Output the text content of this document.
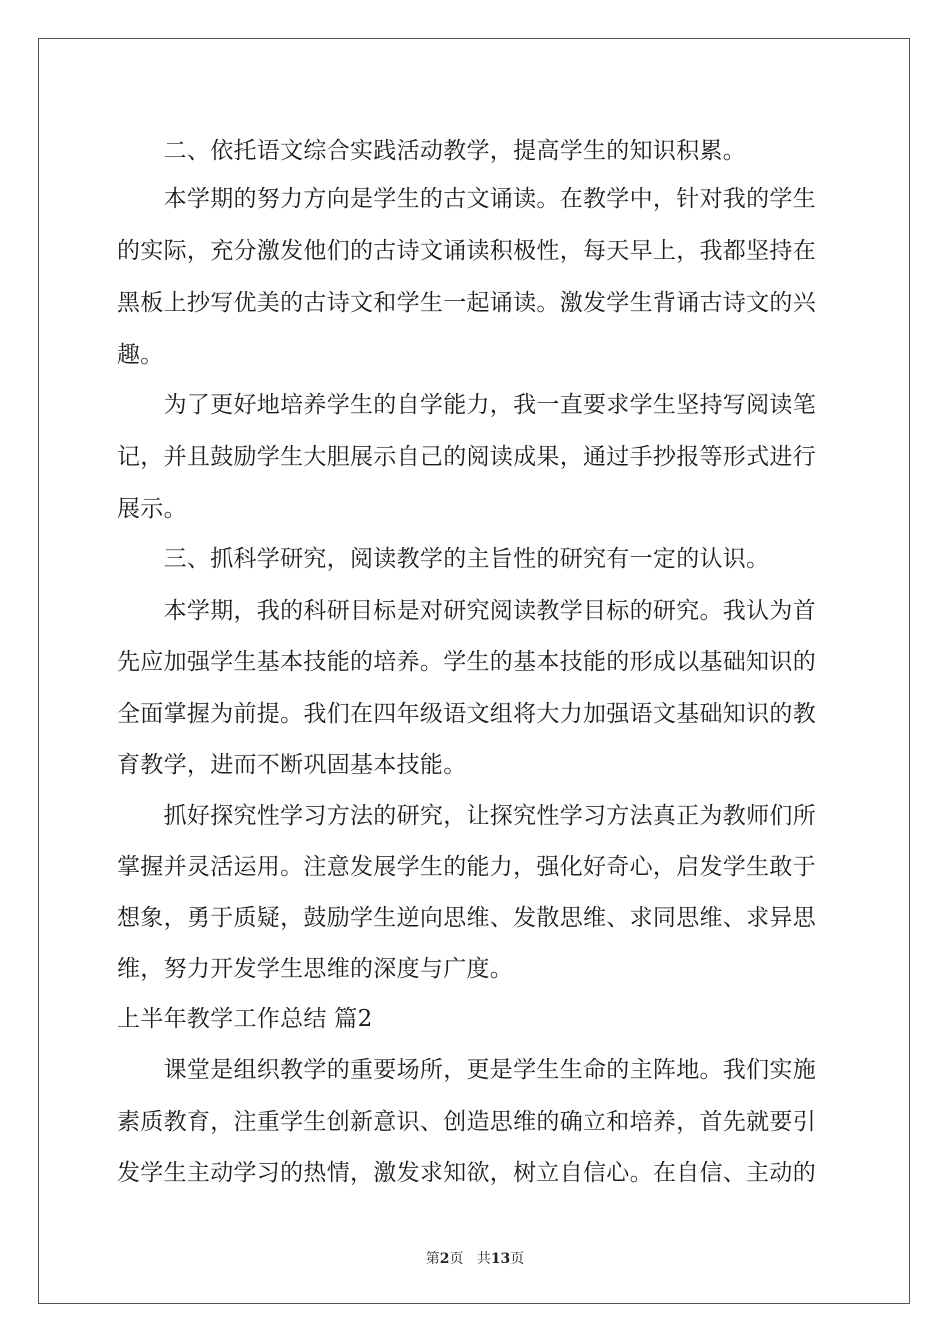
　　二、依托语文综合实践活动教学，提高学生的知识积累。
　　本学期的努力方向是学生的古文诵读。在教学中，针对我的学生
的实际，充分激发他们的古诗文诵读积极性，每天早上，我都坚持在
黑板上抄写优美的古诗文和学生一起诵读。激发学生背诵古诗文的兴
趣。
　　为了更好地培养学生的自学能力，我一直要求学生坚持写阅读笔
记，并且鼓励学生大胆展示自己的阅读成果，通过手抄报等形式进行
展示。
　　三、抓科学研究，阅读教学的主旨性的研究有一定的认识。
　　本学期，我的科研目标是对研究阅读教学目标的研究。我认为首
先应加强学生基本技能的培养。学生的基本技能的形成以基础知识的
全面掌握为前提。我们在四年级语文组将大力加强语文基础知识的教
育教学，进而不断巩固基本技能。
　　抓好探究性学习方法的研究，让探究性学习方法真正为教师们所
掌握并灵活运用。注意发展学生的能力，强化好奇心，启发学生敢于
想象，勇于质疑，鼓励学生逆向思维、发散思维、求同思维、求异思
维，努力开发学生思维的深度与广度。
上半年教学工作总结 篇2
　　课堂是组织教学的重要场所，更是学生生命的主阵地。我们实施
素质教育，注重学生创新意识、创造思维的确立和培养，首先就要引
发学生主动学习的热情，激发求知欲，树立自信心。在自信、主动的
第2页 共13页
